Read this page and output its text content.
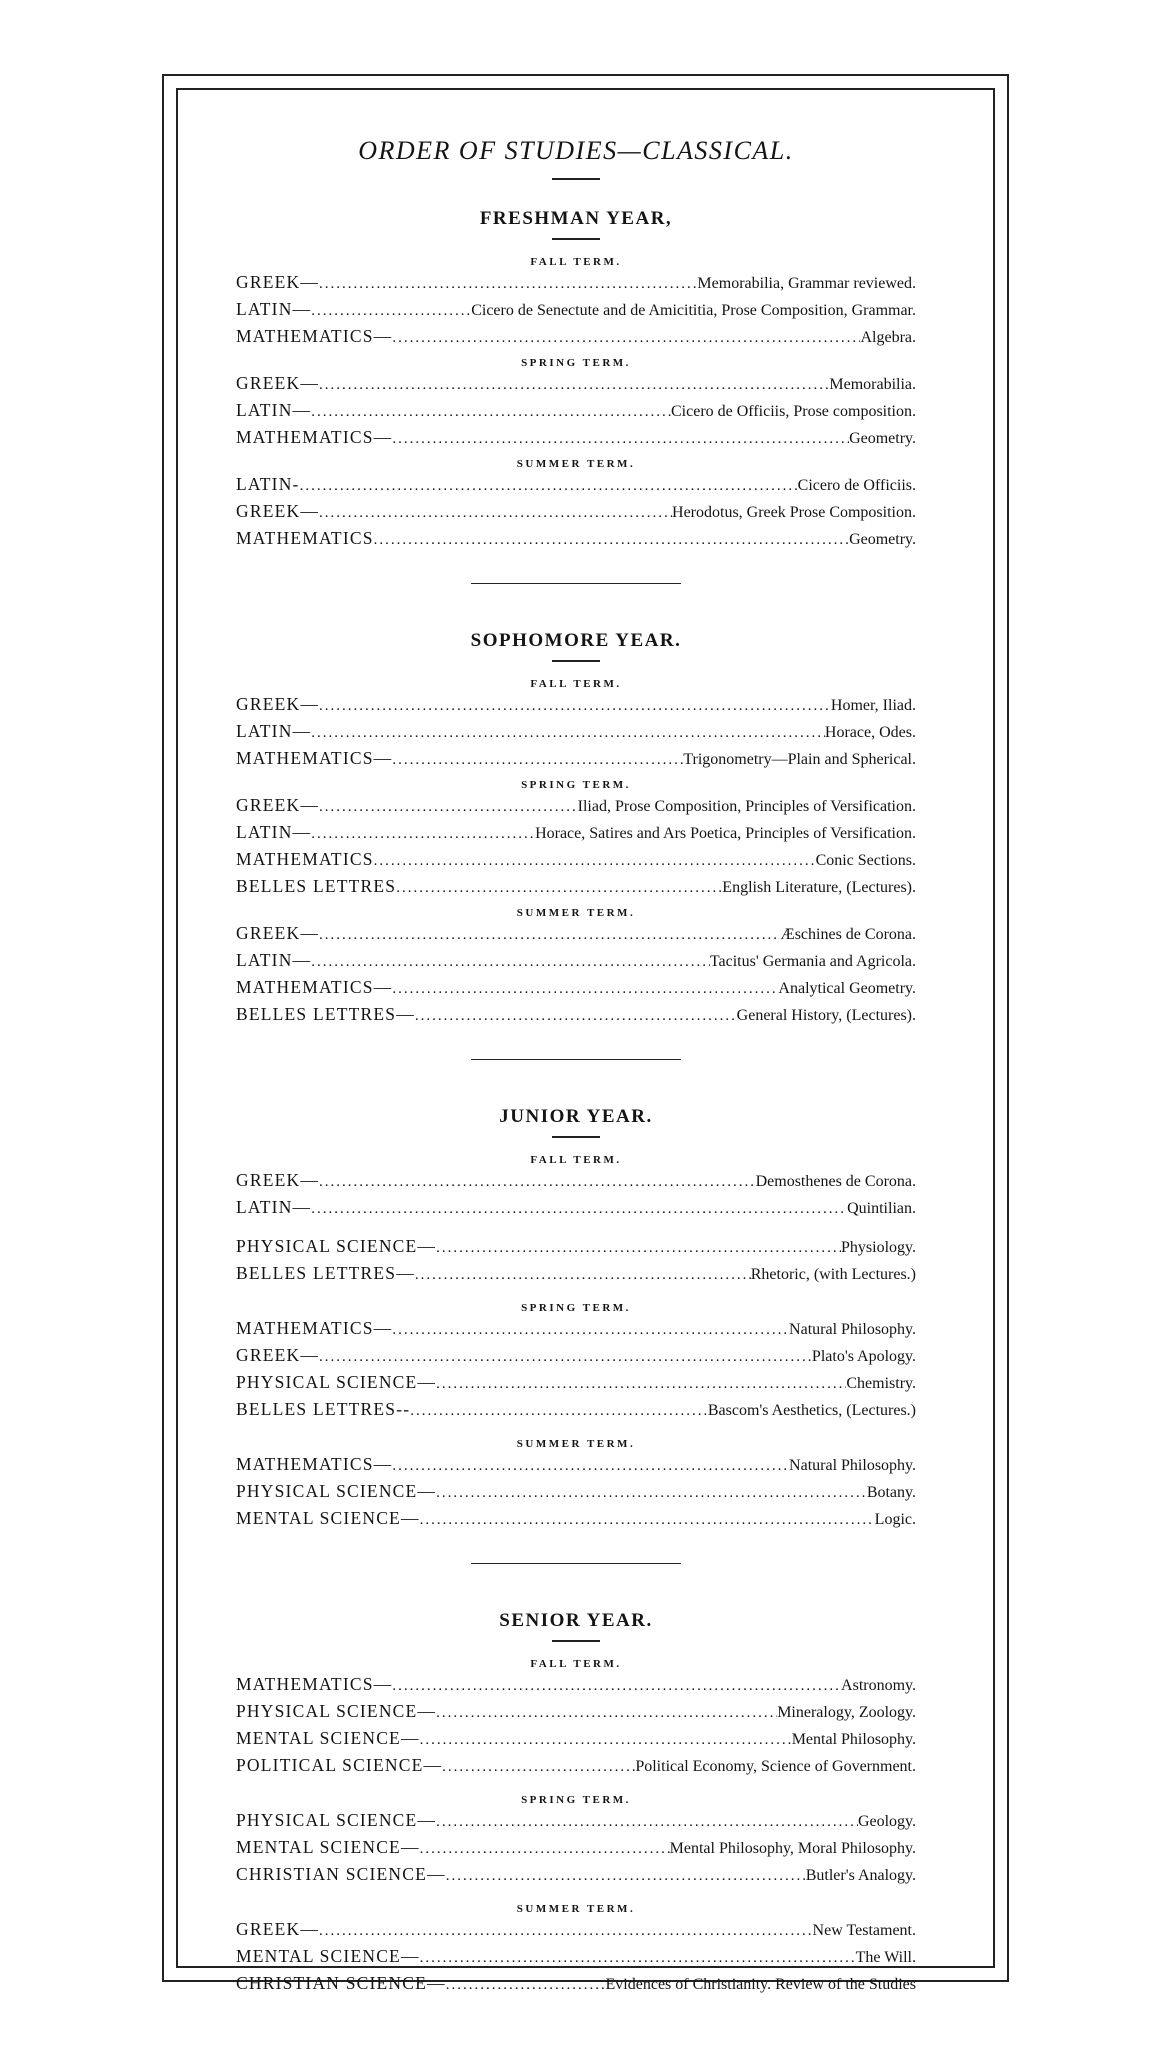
ORDER OF STUDIES—CLASSICAL.
FRESHMAN YEAR,
FALL TERM.
GREEK— .....	Memorabilia, Grammar reviewed.
LATIN— .....	Cicero de Senectute and de Amicititia, Prose Composition, Grammar.
MATHEMATICS— .....	Algebra.
SPRING TERM.
GREEK— .....	Memorabilia.
LATIN— .....	Cicero de Officiis, Prose composition.
MATHEMATICS— .....	Geometry.
SUMMER TERM.
LATIN- .....	Cicero de Officiis.
GREEK— .....	Herodotus, Greek Prose Composition.
MATHEMATICS .....	Geometry.
SOPHOMORE YEAR.
FALL TERM.
GREEK— .....	Homer, Iliad.
LATIN— .....	Horace, Odes.
MATHEMATICS— .....	Trigonometry—Plain and Spherical.
SPRING TERM.
GREEK— .....	Iliad, Prose Composition, Principles of Versification.
LATIN— .....	Horace, Satires and Ars Poetica, Principles of Versification.
MATHEMATICS .....	Conic Sections.
BELLES LETTRES .....	English Literature, (Lectures).
SUMMER TERM.
GREEK— .....	Æschines de Corona.
LATIN— .....	Tacitus' Germania and Agricola.
MATHEMATICS— .....	Analytical Geometry.
BELLES LETTRES— .....	General History, (Lectures).
JUNIOR YEAR.
FALL TERM.
GREEK— .....	Demosthenes de Corona.
LATIN— .....	Quintilian.
PHYSICAL SCIENCE— .....	Physiology.
BELLES LETTRES— .....	Rhetoric, (with Lectures.)
SPRING TERM.
MATHEMATICS— .....	Natural Philosophy.
GREEK— .....	Plato's Apology.
PHYSICAL SCIENCE— .....	Chemistry.
BELLES LETTRES-- .....	Bascom's Aesthetics, (Lectures.)
SUMMER TERM.
MATHEMATICS— .....	Natural Philosophy.
PHYSICAL SCIENCE— .....	Botany.
MENTAL SCIENCE— .....	Logic.
SENIOR YEAR.
FALL TERM.
MATHEMATICS— .....	Astronomy.
PHYSICAL SCIENCE— .....	Mineralogy, Zoology.
MENTAL SCIENCE— .....	Mental Philosophy.
POLITICAL SCIENCE— .....	Political Economy, Science of Government.
SPRING TERM.
PHYSICAL SCIENCE— .....	Geology.
MENTAL SCIENCE— .....	Mental Philosophy, Moral Philosophy.
CHRISTIAN SCIENCE— .....	Butler's Analogy.
SUMMER TERM.
GREEK— .....	New Testament.
MENTAL SCIENCE— .....	The Will.
CHRISTIAN SCIENCE— .....	Evidences of Christianity. Review of the Studies
